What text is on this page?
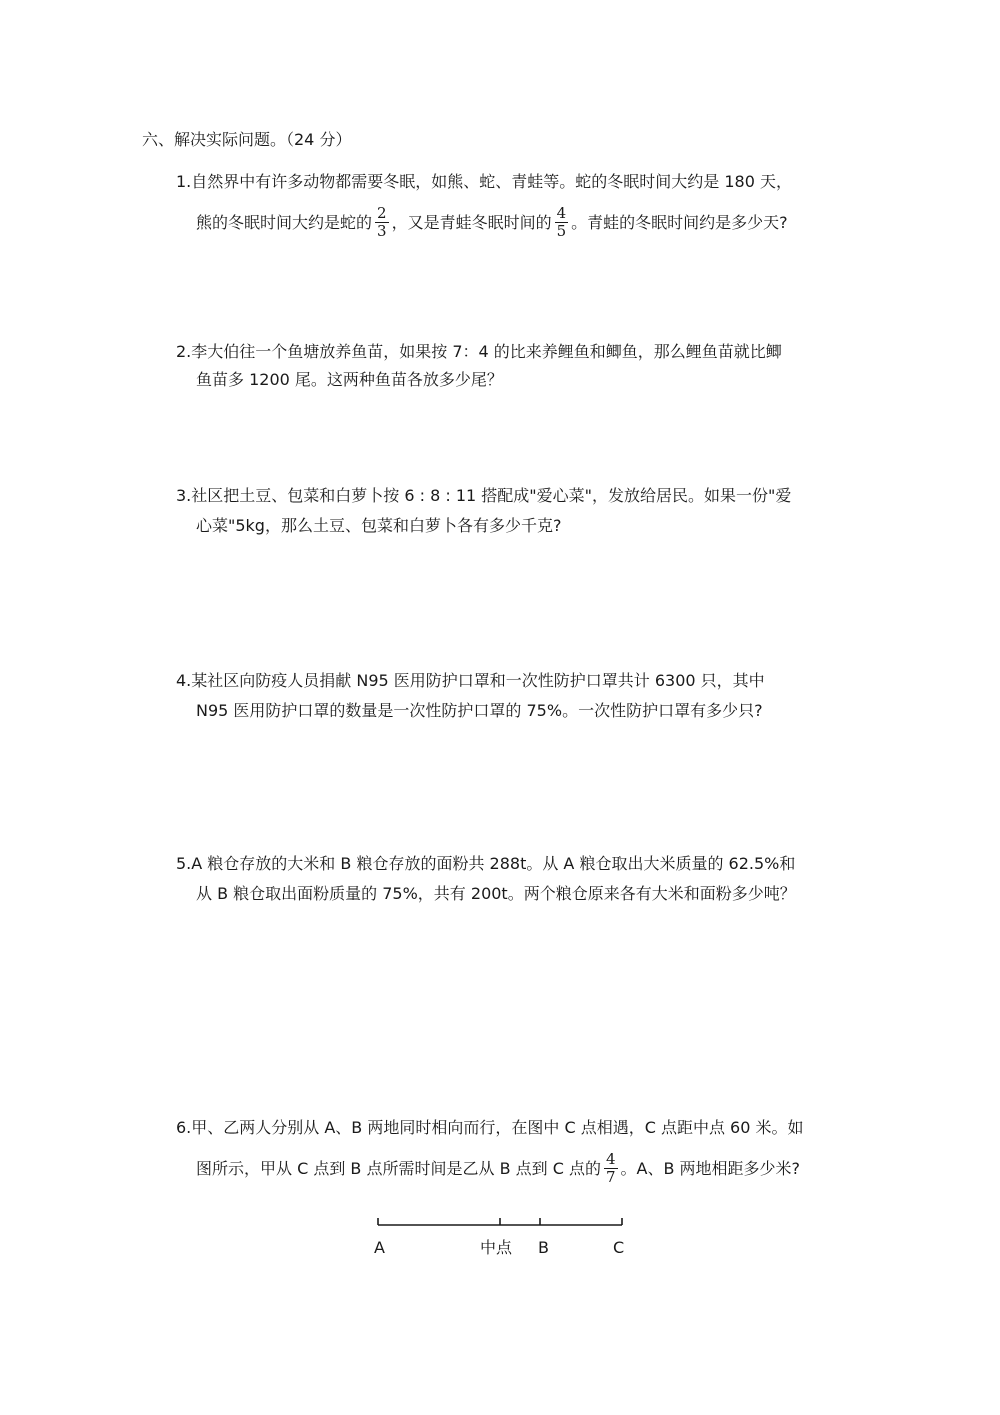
六、解决实际问题。（24 分）
1.自然界中有许多动物都需要冬眠，如熊、蛇、青蛙等。蛇的冬眠时间大约是 180 天，
熊的冬眠时间大约是蛇的 $\frac{2}{3}$ ，又是青蛙冬眠时间的 $\frac{4}{5}$ 。青蛙的冬眠时间约是多少天?
2.李大伯往一个鱼塘放养鱼苗，如果按 7：4 的比来养鲤鱼和鲫鱼，那么鲤鱼苗就比鲫
鱼苗多 1200 尾。这两种鱼苗各放多少尾？
3.社区把土豆、包菜和白萝卜按 6 : 8 : 11 搭配成"爱心菜"，发放给居民。如果一份"爱
心菜"5kg，那么土豆、包菜和白萝卜各有多少千克?
4.某社区向防疫人员捐献 N95 医用防护口罩和一次性防护口罩共计 6300 只，其中
N95 医用防护口罩的数量是一次性防护口罩的 75%。一次性防护口罩有多少只?
5.A 粮仓存放的大米和 B 粮仓存放的面粉共 288t。从 A 粮仓取出大米质量的 62.5%和
从 B 粮仓取出面粉质量的 75%，共有 200t。两个粮仓原来各有大米和面粉多少吨？
6.甲、乙两人分别从 A、B 两地同时相向而行，在图中 C 点相遇，C 点距中点 60 米。如
图所示，甲从 C 点到 B 点所需时间是乙从 B 点到 C 点的 $\frac{4}{7}$ 。A、B 两地相距多少米?
A	中点 B	C
